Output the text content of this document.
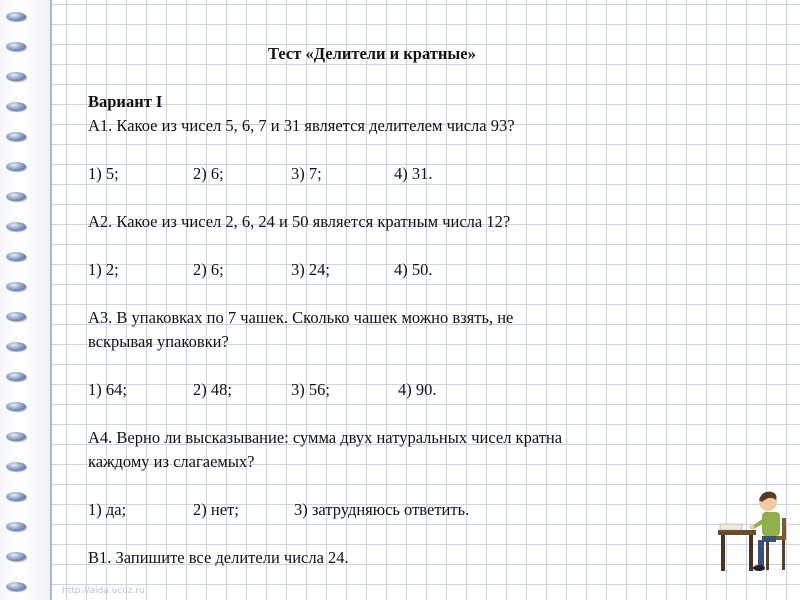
Тест «Делители и кратные»
Вариант I
А1. Какое из чисел 5, 6, 7 и 31 является делителем числа 93?
1) 5;	2) 6;	3) 7;	4) 31.
А2. Какое из чисел 2, 6, 24 и 50 является кратным числа 12?
1) 2;	2) 6;	3) 24;	4) 50.
А3. В упаковках по 7 чашек. Сколько чашек можно взять, не
вскрывая упаковки?
1) 64;	2) 48;	3) 56;	4) 90.
А4. Верно ли высказывание: сумма двух натуральных чисел кратна
каждому из слагаемых?
1) да;	2) нет;	3) затрудняюсь ответить.
В1. Запишите все делители числа 24.
http://aida.ucoz.ru
